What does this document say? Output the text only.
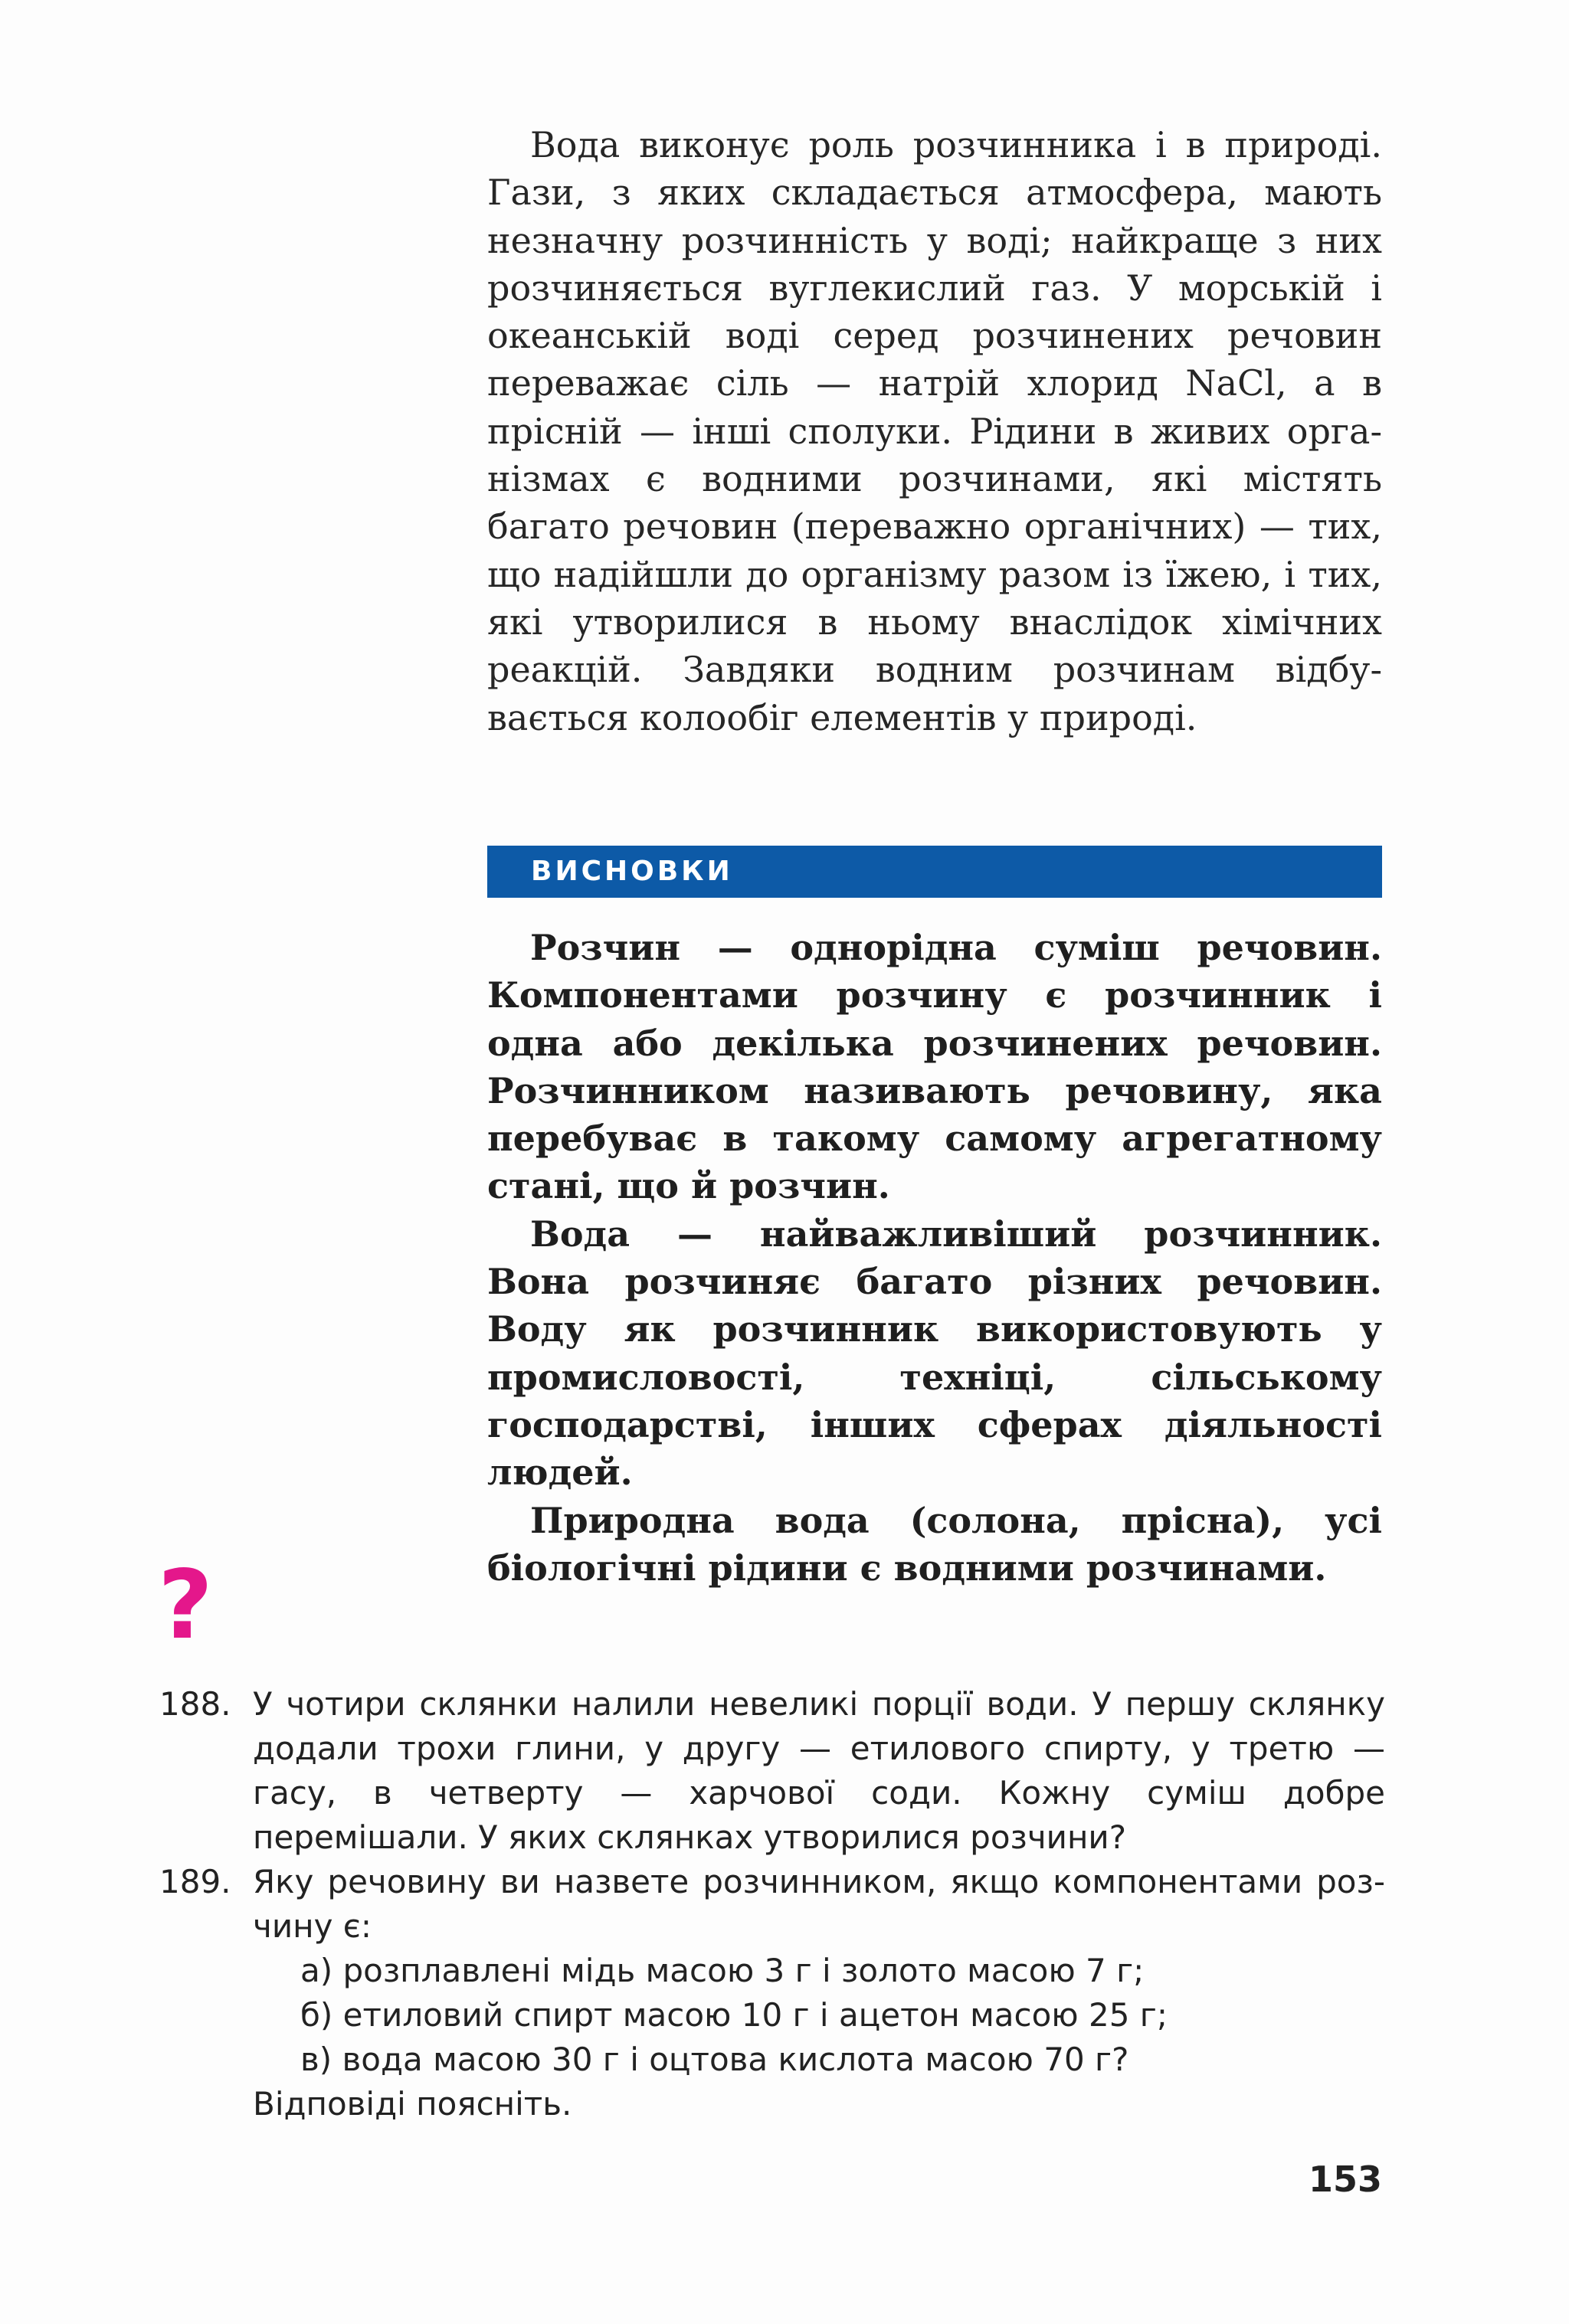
Вода виконує роль розчинника і в природі. Гази, з яких складається атмосфера, мають незначну розчинність у воді; найкраще з них розчиняється вуглекислий газ. У морській і океанській воді серед розчинених речовин переважає сіль — натрій хлорид NaCl, а в прісній — інші сполуки. Рідини в живих організмах є водними розчинами, які містять багато речовин (переважно органічних) — тих, що надійшли до організму разом із їжею, і тих, які утворилися в ньому внаслідок хімічних реакцій. Завдяки водним розчинам відбувається колообіг елементів у природі.

ВИСНОВКИ

Розчин — однорідна суміш речовин. Компонентами розчину є розчинник і одна або декілька розчинених речовин. Розчинником називають речовину, яка перебуває в такому самому агрегатному стані, що й розчин.

Вода — найважливіший розчинник. Вона розчиняє багато різних речовин. Воду як розчинник використовують у промисловості, техніці, сільському господарстві, інших сферах діяльності людей.

Природна вода (солона, прісна), усі біологічні рідини є водними розчинами.

?
188. У чотири склянки налили невеликі порції води. У першу склянку додали трохи глини, у другу — етилового спирту, у третю — гасу, в четверту — харчової соди. Кожну суміш добре перемішали. У яких склянках утворилися розчини?
189. Яку речовину ви назвете розчинником, якщо компонентами розчину є:
а) розплавлені мідь масою 3 г і золото масою 7 г;
б) етиловий спирт масою 10 г і ацетон масою 25 г;
в) вода масою 30 г і оцтова кислота масою 70 г?
Відповіді поясніть.
153
